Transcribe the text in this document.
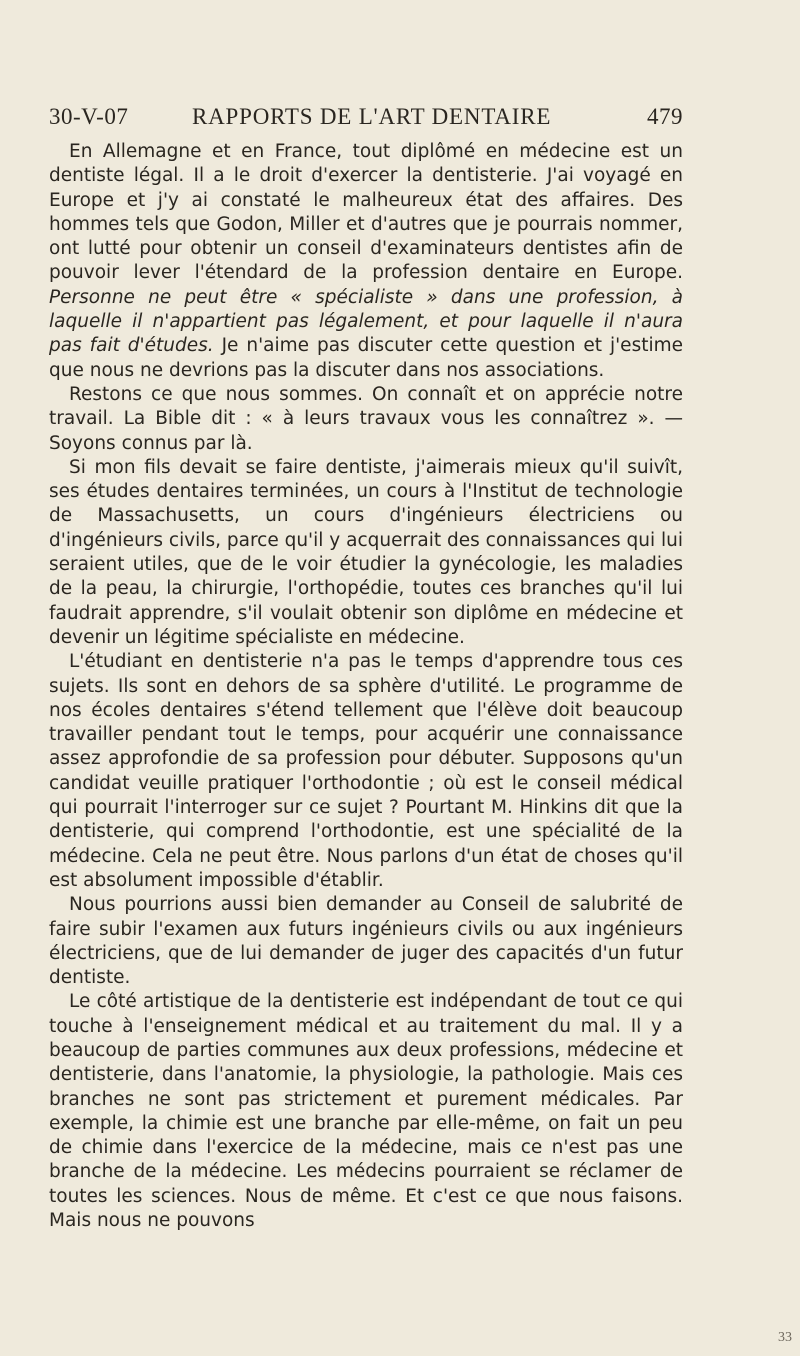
30-V-07	RAPPORTS DE L'ART DENTAIRE	479

En Allemagne et en France, tout diplômé en médecine est un dentiste légal. Il a le droit d'exercer la dentisterie. J'ai voyagé en Europe et j'y ai constaté le malheureux état des affaires. Des hommes tels que Godon, Miller et d'autres que je pourrais nommer, ont lutté pour obtenir un conseil d'examinateurs dentistes afin de pouvoir lever l'étendard de la profession dentaire en Europe. Personne ne peut être « spécialiste » dans une profession, à laquelle il n'appartient pas légalement, et pour laquelle il n'aura pas fait d'études. Je n'aime pas discuter cette question et j'estime que nous ne devrions pas la discuter dans nos associations.

Restons ce que nous sommes. On connaît et on apprécie notre travail. La Bible dit : « à leurs travaux vous les connaîtrez ». — Soyons connus par là.

Si mon fils devait se faire dentiste, j'aimerais mieux qu'il suivît, ses études dentaires terminées, un cours à l'Institut de technologie de Massachusetts, un cours d'ingénieurs électriciens ou d'ingénieurs civils, parce qu'il y acquerrait des connaissances qui lui seraient utiles, que de le voir étudier la gynécologie, les maladies de la peau, la chirurgie, l'orthopédie, toutes ces branches qu'il lui faudrait apprendre, s'il voulait obtenir son diplôme en médecine et devenir un légitime spécialiste en médecine.

L'étudiant en dentisterie n'a pas le temps d'apprendre tous ces sujets. Ils sont en dehors de sa sphère d'utilité. Le programme de nos écoles dentaires s'étend tellement que l'élève doit beaucoup travailler pendant tout le temps, pour acquérir une connaissance assez approfondie de sa profession pour débuter. Supposons qu'un candidat veuille pratiquer l'orthodontie ; où est le conseil médical qui pourrait l'interroger sur ce sujet ? Pourtant M. Hinkins dit que la dentisterie, qui comprend l'orthodontie, est une spécialité de la médecine. Cela ne peut être. Nous parlons d'un état de choses qu'il est absolument impossible d'établir.

Nous pourrions aussi bien demander au Conseil de salubrité de faire subir l'examen aux futurs ingénieurs civils ou aux ingénieurs électriciens, que de lui demander de juger des capacités d'un futur dentiste.

Le côté artistique de la dentisterie est indépendant de tout ce qui touche à l'enseignement médical et au traitement du mal. Il y a beaucoup de parties communes aux deux professions, médecine et dentisterie, dans l'anatomie, la physiologie, la pathologie. Mais ces branches ne sont pas strictement et purement médicales. Par exemple, la chimie est une branche par elle-même, on fait un peu de chimie dans l'exercice de la médecine, mais ce n'est pas une branche de la médecine. Les médecins pourraient se réclamer de toutes les sciences. Nous de même. Et c'est ce que nous faisons. Mais nous ne pouvons

33
